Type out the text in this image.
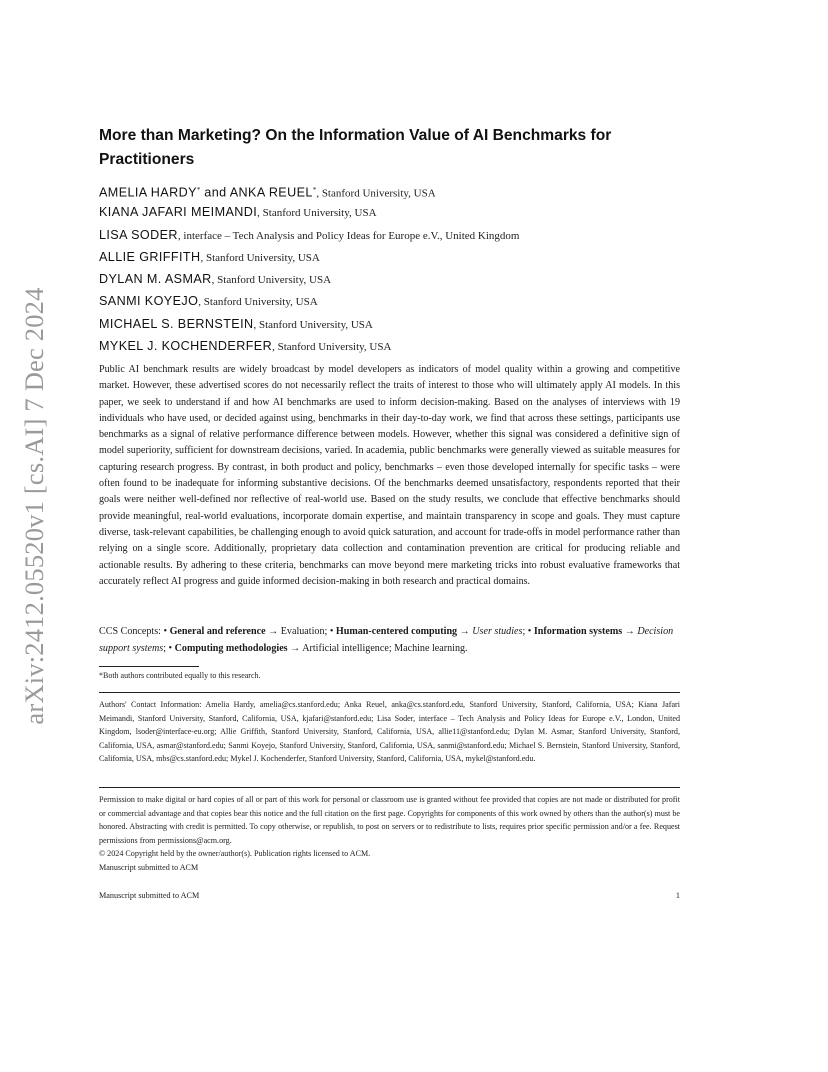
arXiv:2412.05520v1 [cs.AI] 7 Dec 2024
More than Marketing? On the Information Value of AI Benchmarks for Practitioners
AMELIA HARDY* and ANKA REUEL*, Stanford University, USA
KIANA JAFARI MEIMANDI, Stanford University, USA
LISA SODER, interface – Tech Analysis and Policy Ideas for Europe e.V., United Kingdom
ALLIE GRIFFITH, Stanford University, USA
DYLAN M. ASMAR, Stanford University, USA
SANMI KOYEJO, Stanford University, USA
MICHAEL S. BERNSTEIN, Stanford University, USA
MYKEL J. KOCHENDERFER, Stanford University, USA
Public AI benchmark results are widely broadcast by model developers as indicators of model quality within a growing and competitive market. However, these advertised scores do not necessarily reflect the traits of interest to those who will ultimately apply AI models. In this paper, we seek to understand if and how AI benchmarks are used to inform decision-making. Based on the analyses of interviews with 19 individuals who have used, or decided against using, benchmarks in their day-to-day work, we find that across these settings, participants use benchmarks as a signal of relative performance difference between models. However, whether this signal was considered a definitive sign of model superiority, sufficient for downstream decisions, varied. In academia, public benchmarks were generally viewed as suitable measures for capturing research progress. By contrast, in both product and policy, benchmarks – even those developed internally for specific tasks – were often found to be inadequate for informing substantive decisions. Of the benchmarks deemed unsatisfactory, respondents reported that their goals were neither well-defined nor reflective of real-world use. Based on the study results, we conclude that effective benchmarks should provide meaningful, real-world evaluations, incorporate domain expertise, and maintain transparency in scope and goals. They must capture diverse, task-relevant capabilities, be challenging enough to avoid quick saturation, and account for trade-offs in model performance rather than relying on a single score. Additionally, proprietary data collection and contamination prevention are critical for producing reliable and actionable results. By adhering to these criteria, benchmarks can move beyond mere marketing tricks into robust evaluative frameworks that accurately reflect AI progress and guide informed decision-making in both research and practical domains.
CCS Concepts: • General and reference → Evaluation; • Human-centered computing → User studies; • Information systems → Decision support systems; • Computing methodologies → Artificial intelligence; Machine learning.
*Both authors contributed equally to this research.
Authors' Contact Information: Amelia Hardy, amelia@cs.stanford.edu; Anka Reuel, anka@cs.stanford.edu, Stanford University, Stanford, California, USA; Kiana Jafari Meimandi, Stanford University, Stanford, California, USA, kjafari@stanford.edu; Lisa Soder, interface – Tech Analysis and Policy Ideas for Europe e.V., London, United Kingdom, lsoder@interface-eu.org; Allie Griffith, Stanford University, Stanford, California, USA, allie11@stanford.edu; Dylan M. Asmar, Stanford University, Stanford, California, USA, asmar@stanford.edu; Sanmi Koyejo, Stanford University, Stanford, California, USA, sanmi@stanford.edu; Michael S. Bernstein, Stanford University, Stanford, California, USA, mbs@cs.stanford.edu; Mykel J. Kochenderfer, Stanford University, Stanford, California, USA, mykel@stanford.edu.
Permission to make digital or hard copies of all or part of this work for personal or classroom use is granted without fee provided that copies are not made or distributed for profit or commercial advantage and that copies bear this notice and the full citation on the first page. Copyrights for components of this work owned by others than the author(s) must be honored. Abstracting with credit is permitted. To copy otherwise, or republish, to post on servers or to redistribute to lists, requires prior specific permission and/or a fee. Request permissions from permissions@acm.org.
© 2024 Copyright held by the owner/author(s). Publication rights licensed to ACM.
Manuscript submitted to ACM
Manuscript submitted to ACM	1
